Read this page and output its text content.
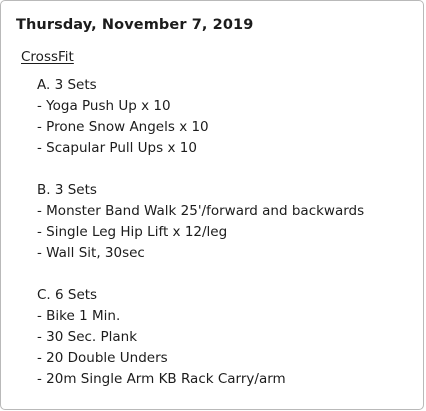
Thursday, November 7, 2019
CrossFit
A. 3 Sets
- Yoga Push Up x 10
- Prone Snow Angels x 10
- Scapular Pull Ups x 10
B. 3 Sets
- Monster Band Walk 25'/forward and backwards
- Single Leg Hip Lift x 12/leg
- Wall Sit, 30sec
C. 6 Sets
- Bike 1 Min.
- 30 Sec. Plank
- 20 Double Unders
- 20m Single Arm KB Rack Carry/arm
